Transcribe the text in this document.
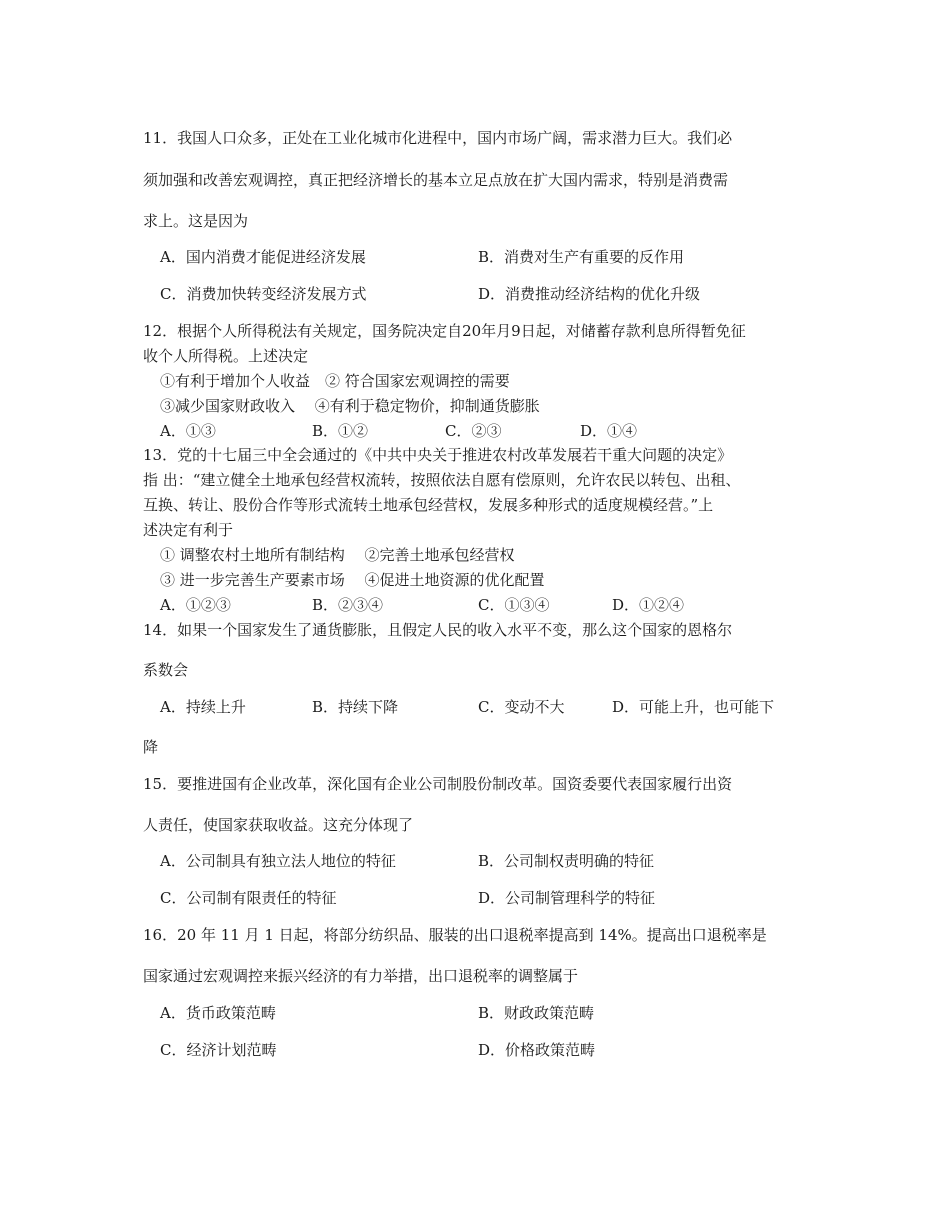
11．我国人口众多，正处在工业化城市化进程中，国内市场广阔，需求潜力巨大。我们必
须加强和改善宏观调控，真正把经济增长的基本立足点放在扩大国内需求，特别是消费需
求上。这是因为
A．国内消费才能促进经济发展	B．消费对生产有重要的反作用
C．消费加快转变经济发展方式	D．消费推动经济结构的优化升级
12．根据个人所得税法有关规定，国务院决定自20年月9日起，对储蓄存款利息所得暂免征
收个人所得税。上述决定
①有利于增加个人收益　② 符合国家宏观调控的需要
③减少国家财政收入　 ④有利于稳定物价，抑制通货膨胀
A．①③	B．①②	C．②③	D．①④
13．党的十七届三中全会通过的《中共中央关于推进农村改革发展若干重大问题的决定》
指 出：“建立健全土地承包经营权流转，按照依法自愿有偿原则，允许农民以转包、出租、
互换、转让、股份合作等形式流转土地承包经营权，发展多种形式的适度规模经营。”上
述决定有利于
① 调整农村土地所有制结构　 ②完善土地承包经营权
③ 进一步完善生产要素市场　 ④促进土地资源的优化配置
A．①②③	B．②③④	C．①③④	D．①②④
14．如果一个国家发生了通货膨胀，且假定人民的收入水平不变，那么这个国家的恩格尔
系数会
A．持续上升	B．持续下降	C．变动不大	D．可能上升，也可能下
降
15．要推进国有企业改革，深化国有企业公司制股份制改革。国资委要代表国家履行出资
人责任，使国家获取收益。这充分体现了
A．公司制具有独立法人地位的特征	B．公司制权责明确的特征
C．公司制有限责任的特征	D．公司制管理科学的特征
16．20 年 11 月 1 日起，将部分纺织品、服装的出口退税率提高到 14%。提高出口退税率是
国家通过宏观调控来振兴经济的有力举措，出口退税率的调整属于
A．货币政策范畴	B．财政政策范畴
C．经济计划范畴	D．价格政策范畴
